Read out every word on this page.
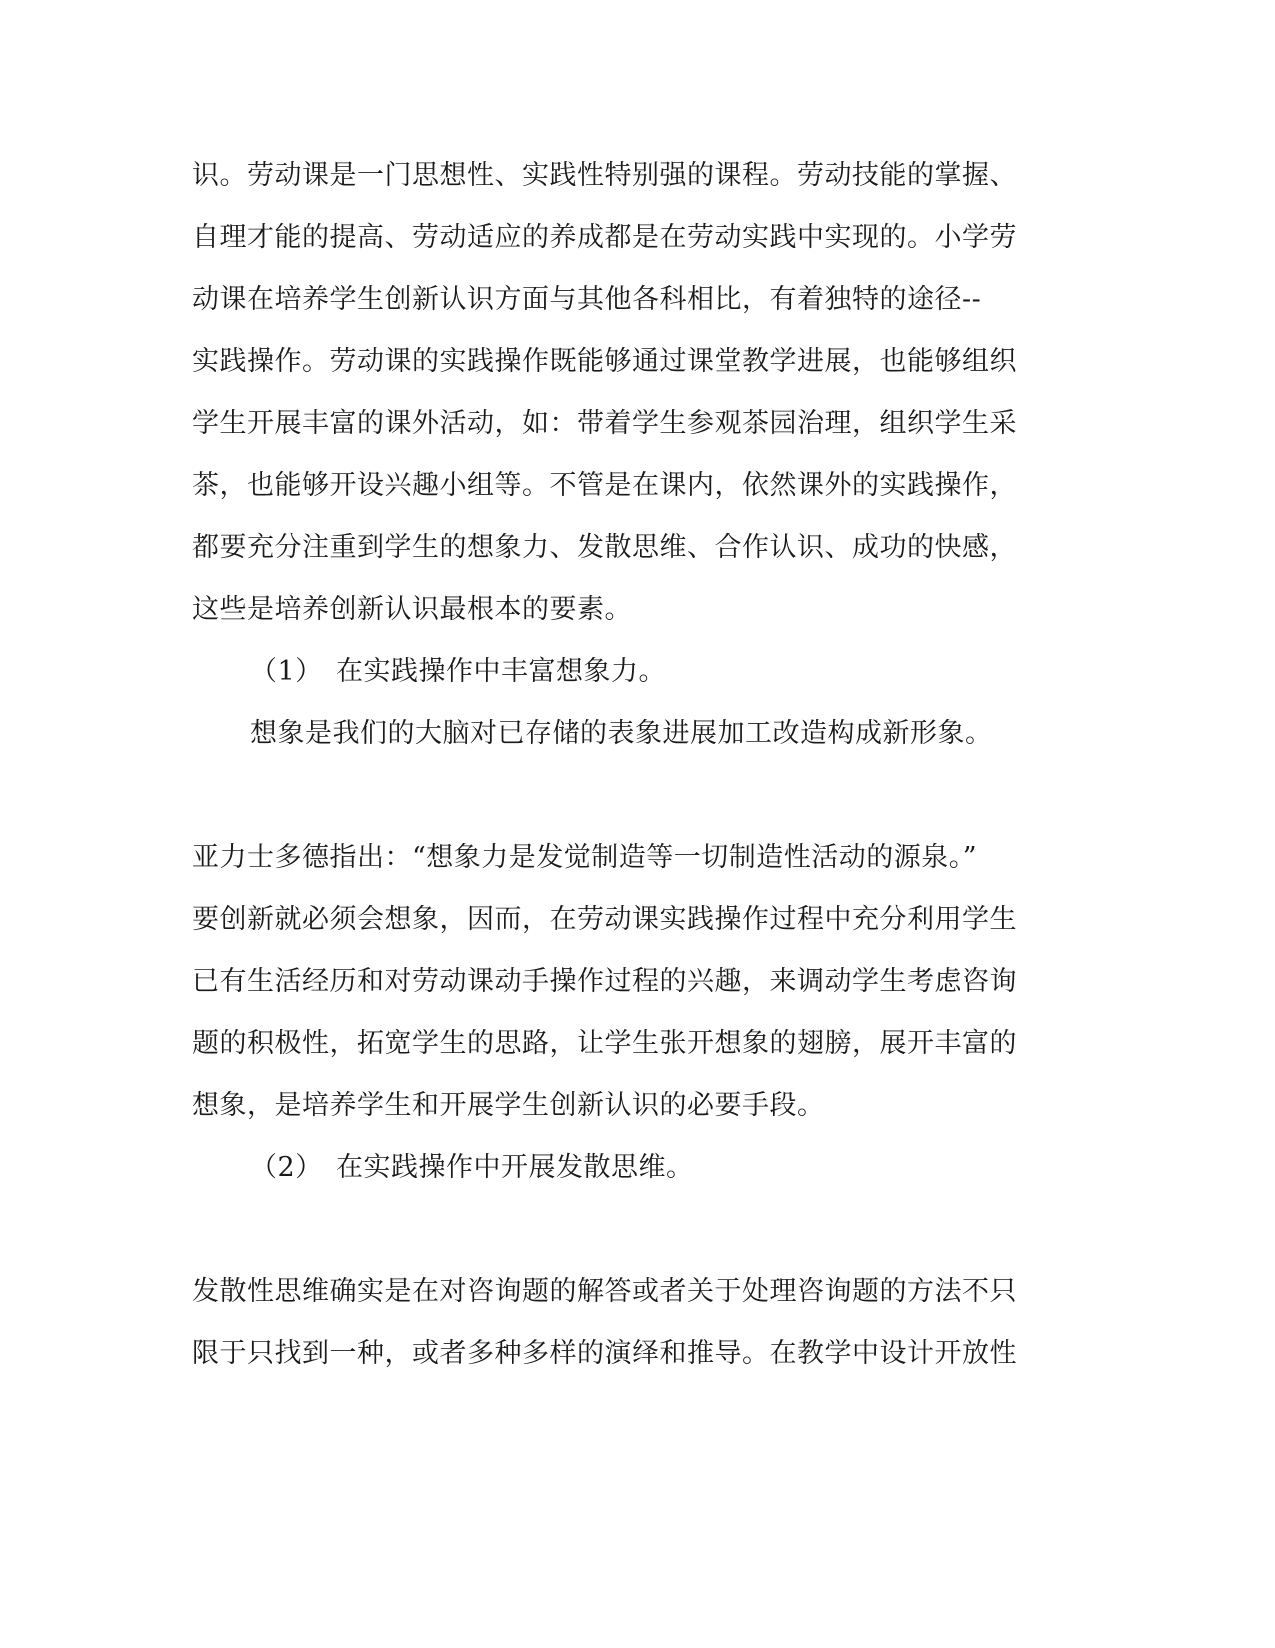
识。劳动课是一门思想性、实践性特别强的课程。劳动技能的掌握、
自理才能的提高、劳动适应的养成都是在劳动实践中实现的。小学劳
动课在培养学生创新认识方面与其他各科相比，有着独特的途径--
实践操作。劳动课的实践操作既能够通过课堂教学进展，也能够组织
学生开展丰富的课外活动，如：带着学生参观茶园治理，组织学生采
茶，也能够开设兴趣小组等。不管是在课内，依然课外的实践操作，
都要充分注重到学生的想象力、发散思维、合作认识、成功的快感，
这些是培养创新认识最根本的要素。
（1） 在实践操作中丰富想象力。
想象是我们的大脑对已存储的表象进展加工改造构成新形象。
亚力士多德指出：“想象力是发觉制造等一切制造性活动的源泉。”
要创新就必须会想象，因而，在劳动课实践操作过程中充分利用学生
已有生活经历和对劳动课动手操作过程的兴趣，来调动学生考虑咨询
题的积极性，拓宽学生的思路，让学生张开想象的翅膀，展开丰富的
想象，是培养学生和开展学生创新认识的必要手段。
（2） 在实践操作中开展发散思维。
发散性思维确实是在对咨询题的解答或者关于处理咨询题的方法不只
限于只找到一种，或者多种多样的演绎和推导。在教学中设计开放性
